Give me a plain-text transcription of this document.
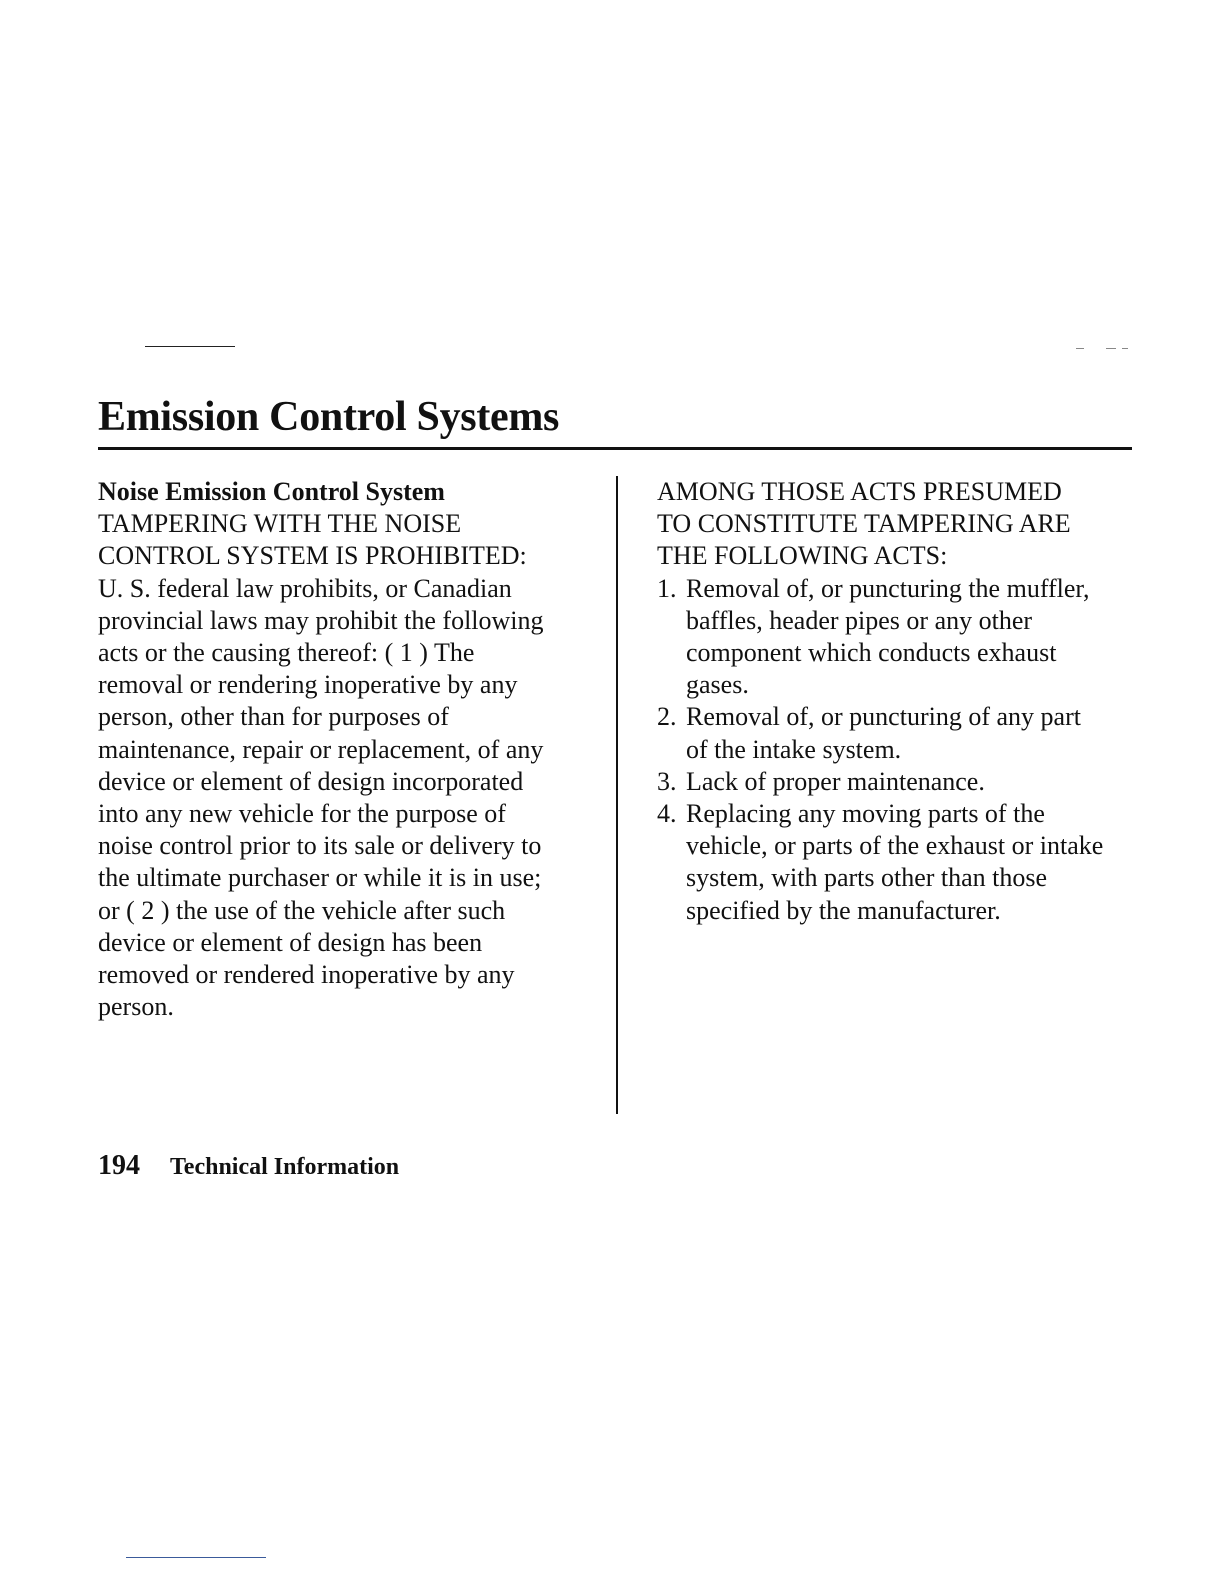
Emission Control Systems

Noise Emission Control System

TAMPERING WITH THE NOISE
CONTROL SYSTEM IS PROHIBITED:
U. S. federal law prohibits, or Canadian
provincial laws may prohibit the following
acts or the causing thereof: ( 1 ) The
removal or rendering inoperative by any
person, other than for purposes of
maintenance, repair or replacement, of any
device or element of design incorporated
into any new vehicle for the purpose of
noise control prior to its sale or delivery to
the ultimate purchaser or while it is in use;
or ( 2 ) the use of the vehicle after such
device or element of design has been
removed or rendered inoperative by any
person.
AMONG THOSE ACTS PRESUMED
TO CONSTITUTE TAMPERING ARE
THE FOLLOWING ACTS:
1. Removal of, or puncturing the muffler,
baffles, header pipes or any other
component which conducts exhaust
gases.
2. Removal of, or puncturing of any part
of the intake system.
3. Lack of proper maintenance.
4. Replacing any moving parts of the
vehicle, or parts of the exhaust or intake
system, with parts other than those
specified by the manufacturer.
194 Technical Information
